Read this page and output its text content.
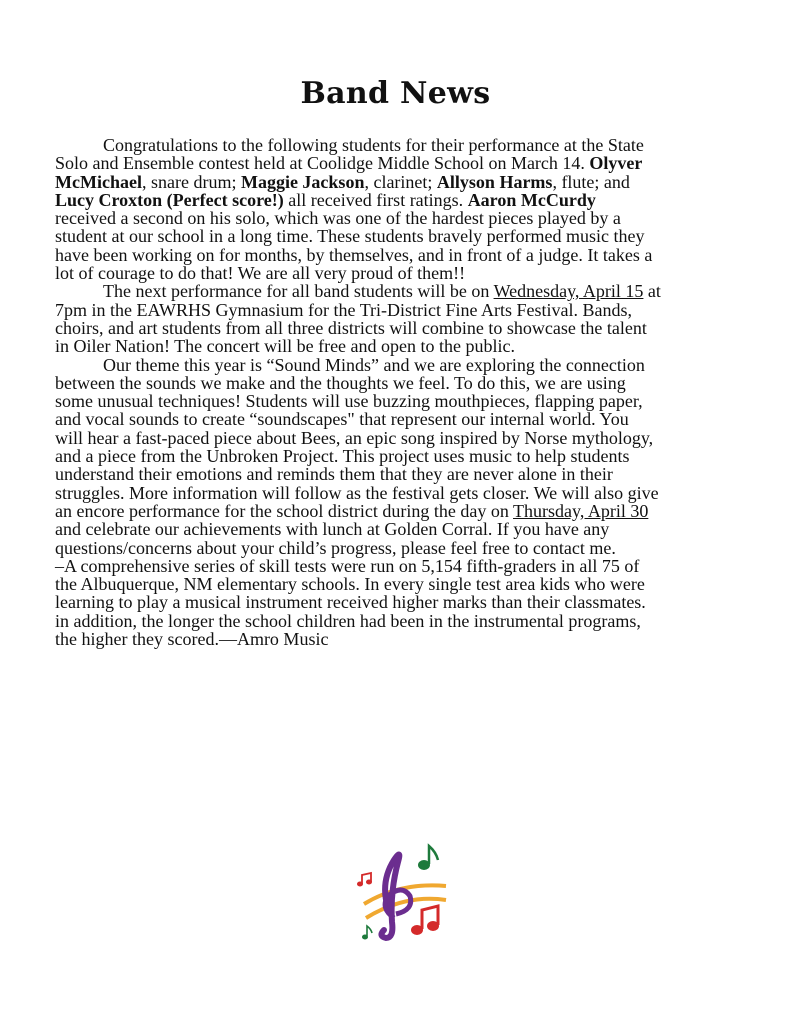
Band News
Congratulations to the following students for their performance at the State
Solo and Ensemble contest held at Coolidge Middle School on March 14. Olyver
McMichael, snare drum; Maggie Jackson, clarinet; Allyson Harms, flute; and
Lucy Croxton (Perfect score!) all received first ratings. Aaron McCurdy
received a second on his solo, which was one of the hardest pieces played by a
student at our school in a long time. These students bravely performed music they
have been working on for months, by themselves, and in front of a judge. It takes a
lot of courage to do that! We are all very proud of them!!
The next performance for all band students will be on Wednesday, April 15 at
7pm in the EAWRHS Gymnasium for the Tri-District Fine Arts Festival. Bands,
choirs, and art students from all three districts will combine to showcase the talent
in Oiler Nation! The concert will be free and open to the public.
Our theme this year is “Sound Minds” and we are exploring the connection
between the sounds we make and the thoughts we feel. To do this, we are using
some unusual techniques! Students will use buzzing mouthpieces, flapping paper,
and vocal sounds to create “soundscapes" that represent our internal world. You
will hear a fast-paced piece about Bees, an epic song inspired by Norse mythology,
and a piece from the Unbroken Project. This project uses music to help students
understand their emotions and reminds them that they are never alone in their
struggles. More information will follow as the festival gets closer. We will also give
an encore performance for the school district during the day on Thursday, April 30
and celebrate our achievements with lunch at Golden Corral. If you have any
questions/concerns about your child’s progress, please feel free to contact me.
–A comprehensive series of skill tests were run on 5,154 fifth-graders in all 75 of
the Albuquerque, NM elementary schools. In every single test area kids who were
learning to play a musical instrument received higher marks than their classmates.
in addition, the longer the school children had been in the instrumental programs,
the higher they scored.—Amro Music
